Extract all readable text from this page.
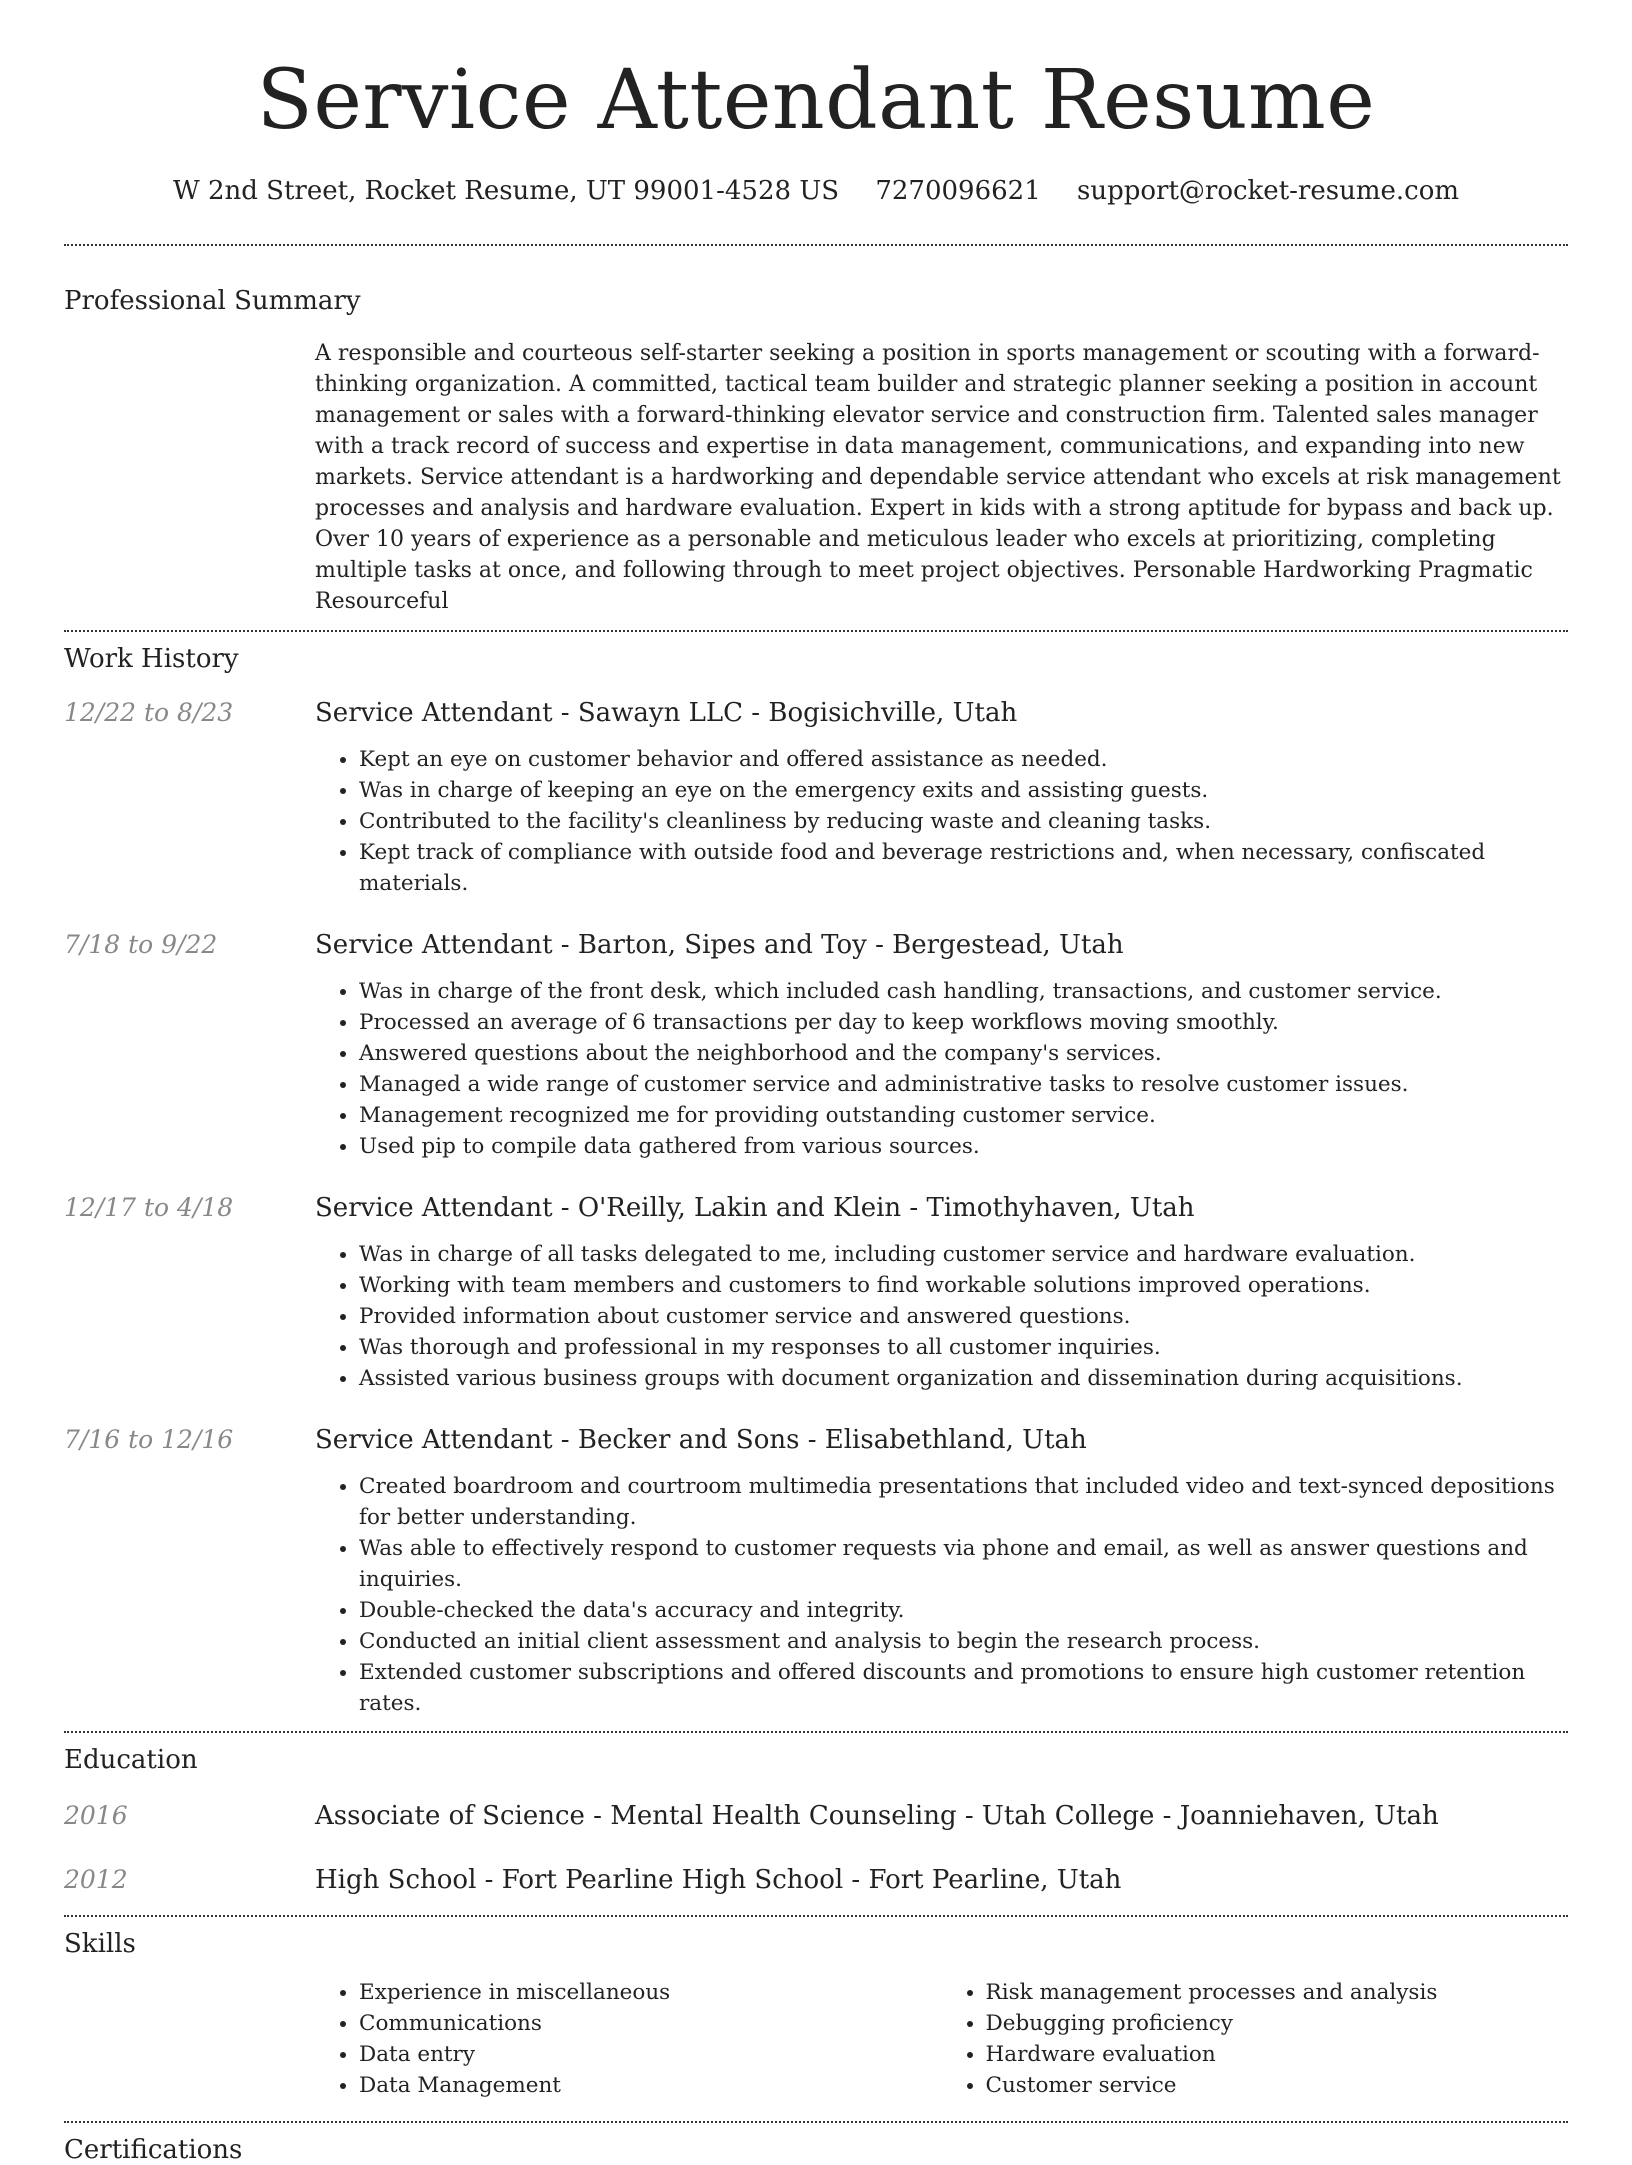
Service Attendant Resume
W 2nd Street, Rocket Resume, UT 99001-4528 US 7270096621 support@rocket-resume.com
Professional Summary

A responsible and courteous self-starter seeking a position in sports management or scouting with a forward-thinking organization. A committed, tactical team builder and strategic planner seeking a position in account management or sales with a forward-thinking elevator service and construction firm. Talented sales manager with a track record of success and expertise in data management, communications, and expanding into new markets. Service attendant is a hardworking and dependable service attendant who excels at risk management processes and analysis and hardware evaluation. Expert in kids with a strong aptitude for bypass and back up. Over 10 years of experience as a personable and meticulous leader who excels at prioritizing, completing multiple tasks at once, and following through to meet project objectives. Personable Hardworking Pragmatic Resourceful

Work History
12/22 to 8/23	Service Attendant - Sawayn LLC - Bogisichville, Utah
• Kept an eye on customer behavior and offered assistance as needed.
• Was in charge of keeping an eye on the emergency exits and assisting guests.
• Contributed to the facility's cleanliness by reducing waste and cleaning tasks.
• Kept track of compliance with outside food and beverage restrictions and, when necessary, confiscated materials.
7/18 to 9/22	Service Attendant - Barton, Sipes and Toy - Bergestead, Utah
• Was in charge of the front desk, which included cash handling, transactions, and customer service.
• Processed an average of 6 transactions per day to keep workflows moving smoothly.
• Answered questions about the neighborhood and the company's services.
• Managed a wide range of customer service and administrative tasks to resolve customer issues.
• Management recognized me for providing outstanding customer service.
• Used pip to compile data gathered from various sources.
12/17 to 4/18	Service Attendant - O'Reilly, Lakin and Klein - Timothyhaven, Utah
• Was in charge of all tasks delegated to me, including customer service and hardware evaluation.
• Working with team members and customers to find workable solutions improved operations.
• Provided information about customer service and answered questions.
• Was thorough and professional in my responses to all customer inquiries.
• Assisted various business groups with document organization and dissemination during acquisitions.
7/16 to 12/16	Service Attendant - Becker and Sons - Elisabethland, Utah
• Created boardroom and courtroom multimedia presentations that included video and text-synced depositions for better understanding.
• Was able to effectively respond to customer requests via phone and email, as well as answer questions and inquiries.
• Double-checked the data's accuracy and integrity.
• Conducted an initial client assessment and analysis to begin the research process.
• Extended customer subscriptions and offered discounts and promotions to ensure high customer retention rates.
Education
2016	Associate of Science - Mental Health Counseling - Utah College - Joanniehaven, Utah
2012	High School - Fort Pearline High School - Fort Pearline, Utah
Skills
• Experience in miscellaneous
• Communications
• Data entry
• Data Management
• Risk management processes and analysis
• Debugging proficiency
• Hardware evaluation
• Customer service
Certifications
